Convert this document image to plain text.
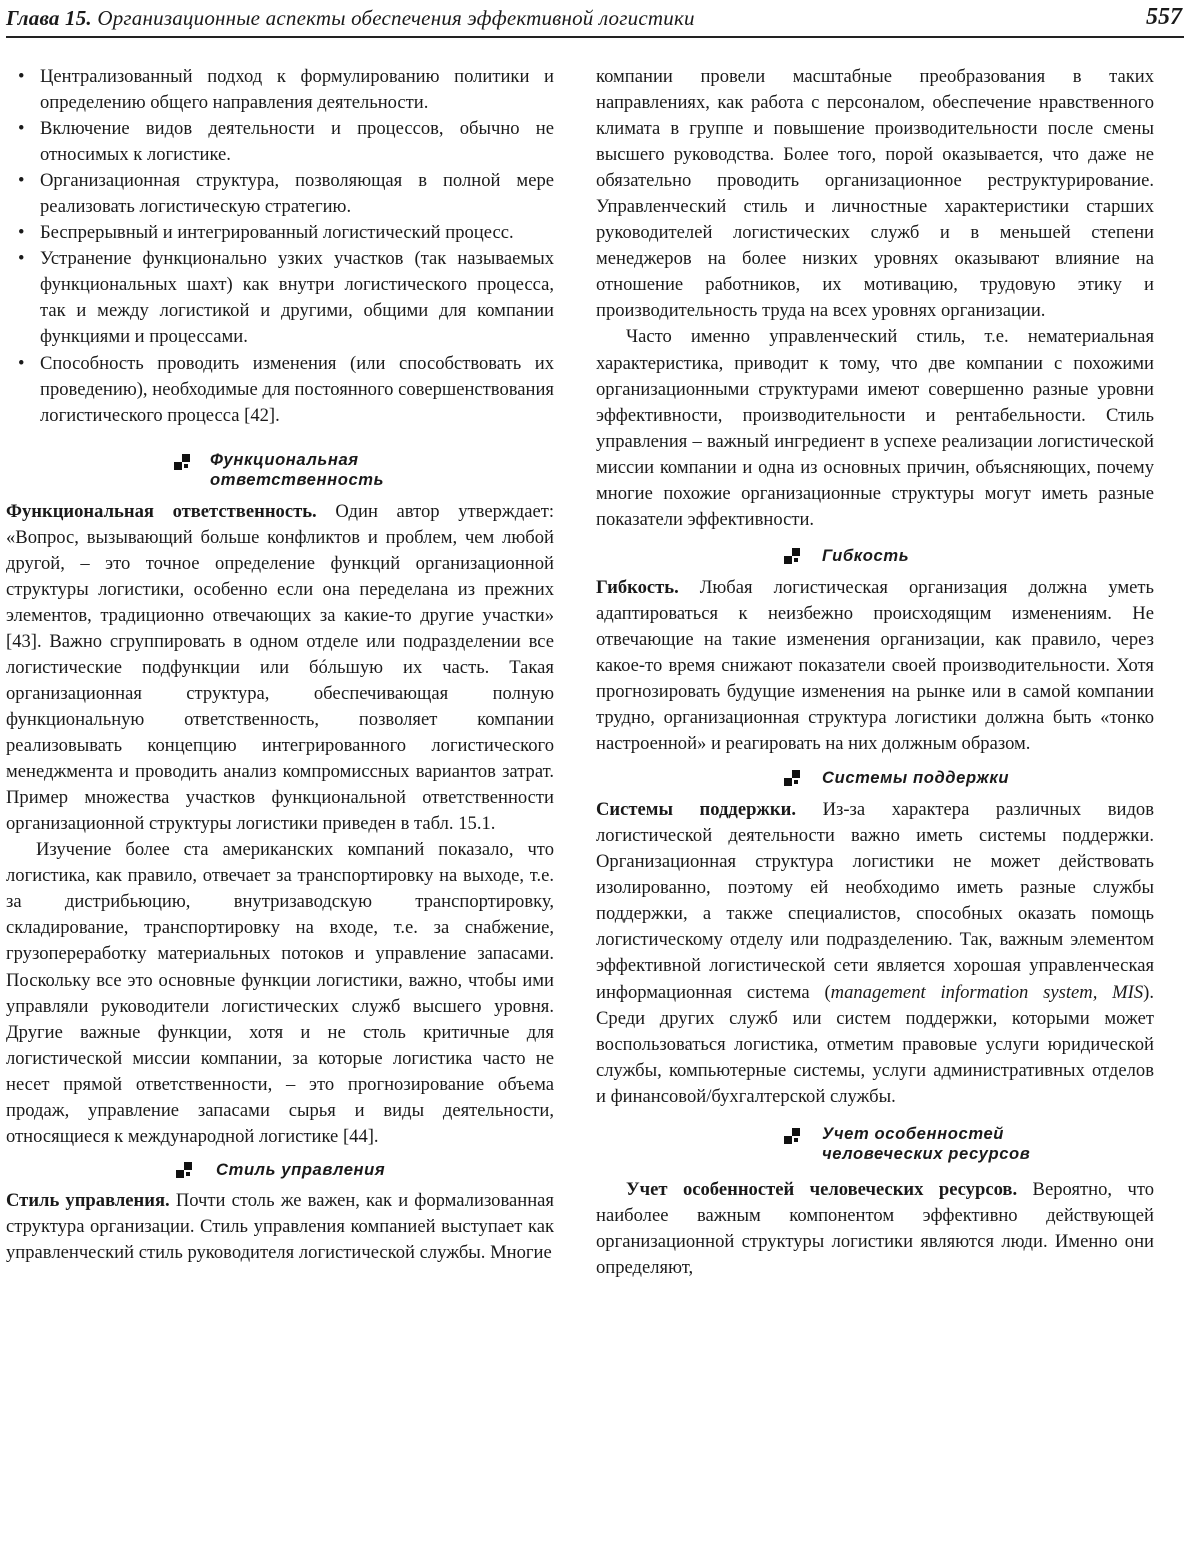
Глава 15. Организационные аспекты обеспечения эффективной логистики	557
• Централизованный подход к формулированию политики и определению общего направления деятельности.
• Включение видов деятельности и процессов, обычно не относимых к логистике.
• Организационная структура, позволяющая в полной мере реализовать логистическую стратегию.
• Беспрерывный и интегрированный логистический процесс.
• Устранение функционально узких участков (так называемых функциональных шахт) как внутри логистического процесса, так и между логистикой и другими, общими для компании функциями и процессами.
• Способность проводить изменения (или способствовать их проведению), необходимые для постоянного совершенствования логистического процесса [42].
Функциональная
ответственность

Функциональная ответственность. Один автор утверждает: «Вопрос, вызывающий больше конфликтов и проблем, чем любой другой, – это точное определение функций организационной структуры логистики, особенно если она переделана из прежних элементов, традиционно отвечающих за какие-то другие участки» [43]. Важно сгруппировать в одном отделе или подразделении все логистические подфункции или бóльшую их часть. Такая организационная структура, обеспечивающая полную функциональную ответственность, позволяет компании реализовывать концепцию интегрированного логистического менеджмента и проводить анализ компромиссных вариантов затрат. Пример множества участков функциональной ответственности организационной структуры логистики приведен в табл. 15.1.

Изучение более ста американских компаний показало, что логистика, как правило, отвечает за транспортировку на выходе, т.е. за дистрибьюцию, внутризаводскую транспортировку, складирование, транспортировку на входе, т.е. за снабжение, грузопереработку материальных потоков и управление запасами. Поскольку все это основные функции логистики, важно, чтобы ими управляли руководители логистических служб высшего уровня. Другие важные функции, хотя и не столь критичные для логистической миссии компании, за которые логистика часто не несет прямой ответственности, – это прогнозирование объема продаж, управление запасами сырья и виды деятельности, относящиеся к международной логистике [44].

Стиль управления

Стиль управления. Почти столь же важен, как и формализованная структура организации. Стиль управления компанией выступает как управленческий стиль руководителя логистической службы. Многие

компании провели масштабные преобразования в таких направлениях, как работа с персоналом, обеспечение нравственного климата в группе и повышение производительности после смены высшего руководства. Более того, порой оказывается, что даже не обязательно проводить организационное реструктурирование. Управленческий стиль и личностные характеристики старших руководителей логистических служб и в меньшей степени менеджеров на более низких уровнях оказывают влияние на отношение работников, их мотивацию, трудовую этику и производительность труда на всех уровнях организации.

Часто именно управленческий стиль, т.е. нематериальная характеристика, приводит к тому, что две компании с похожими организационными структурами имеют совершенно разные уровни эффективности, производительности и рентабельности. Стиль управления – важный ингредиент в успехе реализации логистической миссии компании и одна из основных причин, объясняющих, почему многие похожие организационные структуры могут иметь разные показатели эффективности.

Гибкость

Гибкость. Любая логистическая организация должна уметь адаптироваться к неизбежно происходящим изменениям. Не отвечающие на такие изменения организации, как правило, через какое-то время снижают показатели своей производительности. Хотя прогнозировать будущие изменения на рынке или в самой компании трудно, организационная структура логистики должна быть «тонко настроенной» и реагировать на них должным образом.

Системы поддержки

Системы поддержки. Из-за характера различных видов логистической деятельности важно иметь системы поддержки. Организационная структура логистики не может действовать изолированно, поэтому ей необходимо иметь разные службы поддержки, а также специалистов, способных оказать помощь логистическому отделу или подразделению. Так, важным элементом эффективной логистической сети является хорошая управленческая информационная система (management information system, MIS). Среди других служб или систем поддержки, которыми может воспользоваться логистика, отметим правовые услуги юридической службы, компьютерные системы, услуги административных отделов и финансовой/бухгалтерской службы.

Учет особенностей
человеческих ресурсов

Учет особенностей человеческих ресурсов. Вероятно, что наиболее важным компонентом эффективно действующей организационной структуры логистики являются люди. Именно они определяют,
